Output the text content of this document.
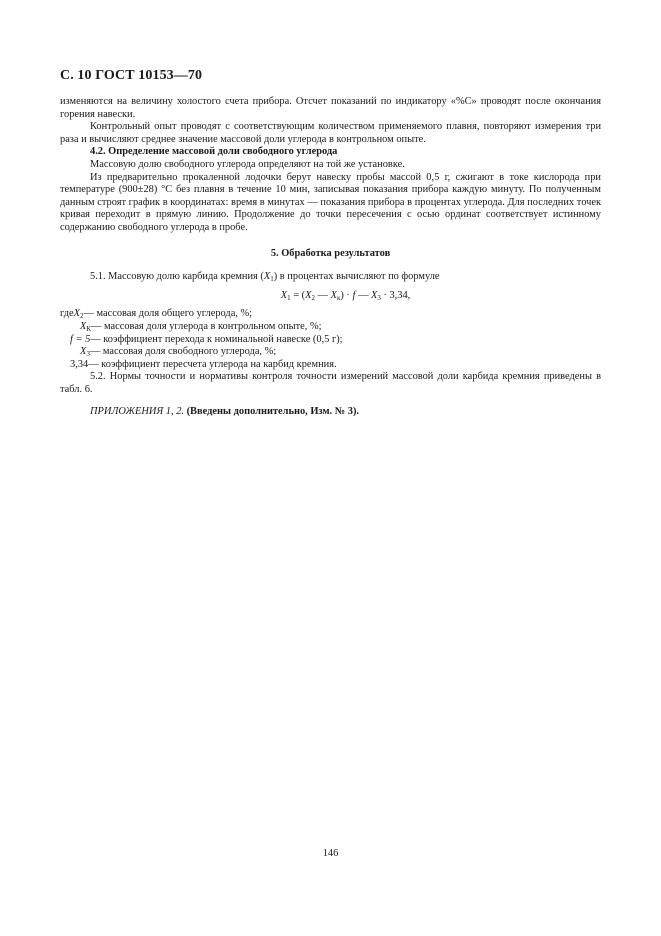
С. 10 ГОСТ 10153—70

изменяются на величину холостого счета прибора. Отсчет показаний по индикатору «%С» проводят после окончания горения навески.

Контрольный опыт проводят с соответствующим количеством применяемого плавня, повторяют измерения три раза и вычисляют среднее значение массовой доли углерода в контрольном опыте.

4.2. Определение массовой доли свободного углерода

Массовую долю свободного углерода определяют на той же установке.

Из предварительно прокаленной лодочки берут навеску пробы массой 0,5 г, сжигают в токе кислорода при температуре (900±28) °С без плавня в течение 10 мин, записывая показания прибора каждую минуту. По полученным данным строят график в координатах: время в минутах — показания прибора в процентах углерода. Для последних точек кривая переходит в прямую линию. Продолжение до точки пересечения с осью ординат соответствует истинному содержанию свободного углерода в пробе.

5. Обработка результатов

5.1. Массовую долю карбида кремния $(X_1)$ в процентах вычисляют по формуле

$X_1 = (X_2$ — $X_к) \cdot f$ — $X_3 \cdot 3,34$,
где $X_2$ — массовая доля общего углерода, %;
$X_К$ — массовая доля углерода в контрольном опыте, %;
f = 5 — коэффициент перехода к номинальной навеске (0,5 г);
$X_3$ — массовая доля свободного углерода, %;
3,34 — коэффициент пересчета углерода на карбид кремния.

5.2. Нормы точности и нормативы контроля точности измерений массовой доли карбида кремния приведены в табл. 6.

ПРИЛОЖЕНИЯ 1, 2. (Введены дополнительно, Изм. № 3).

146
